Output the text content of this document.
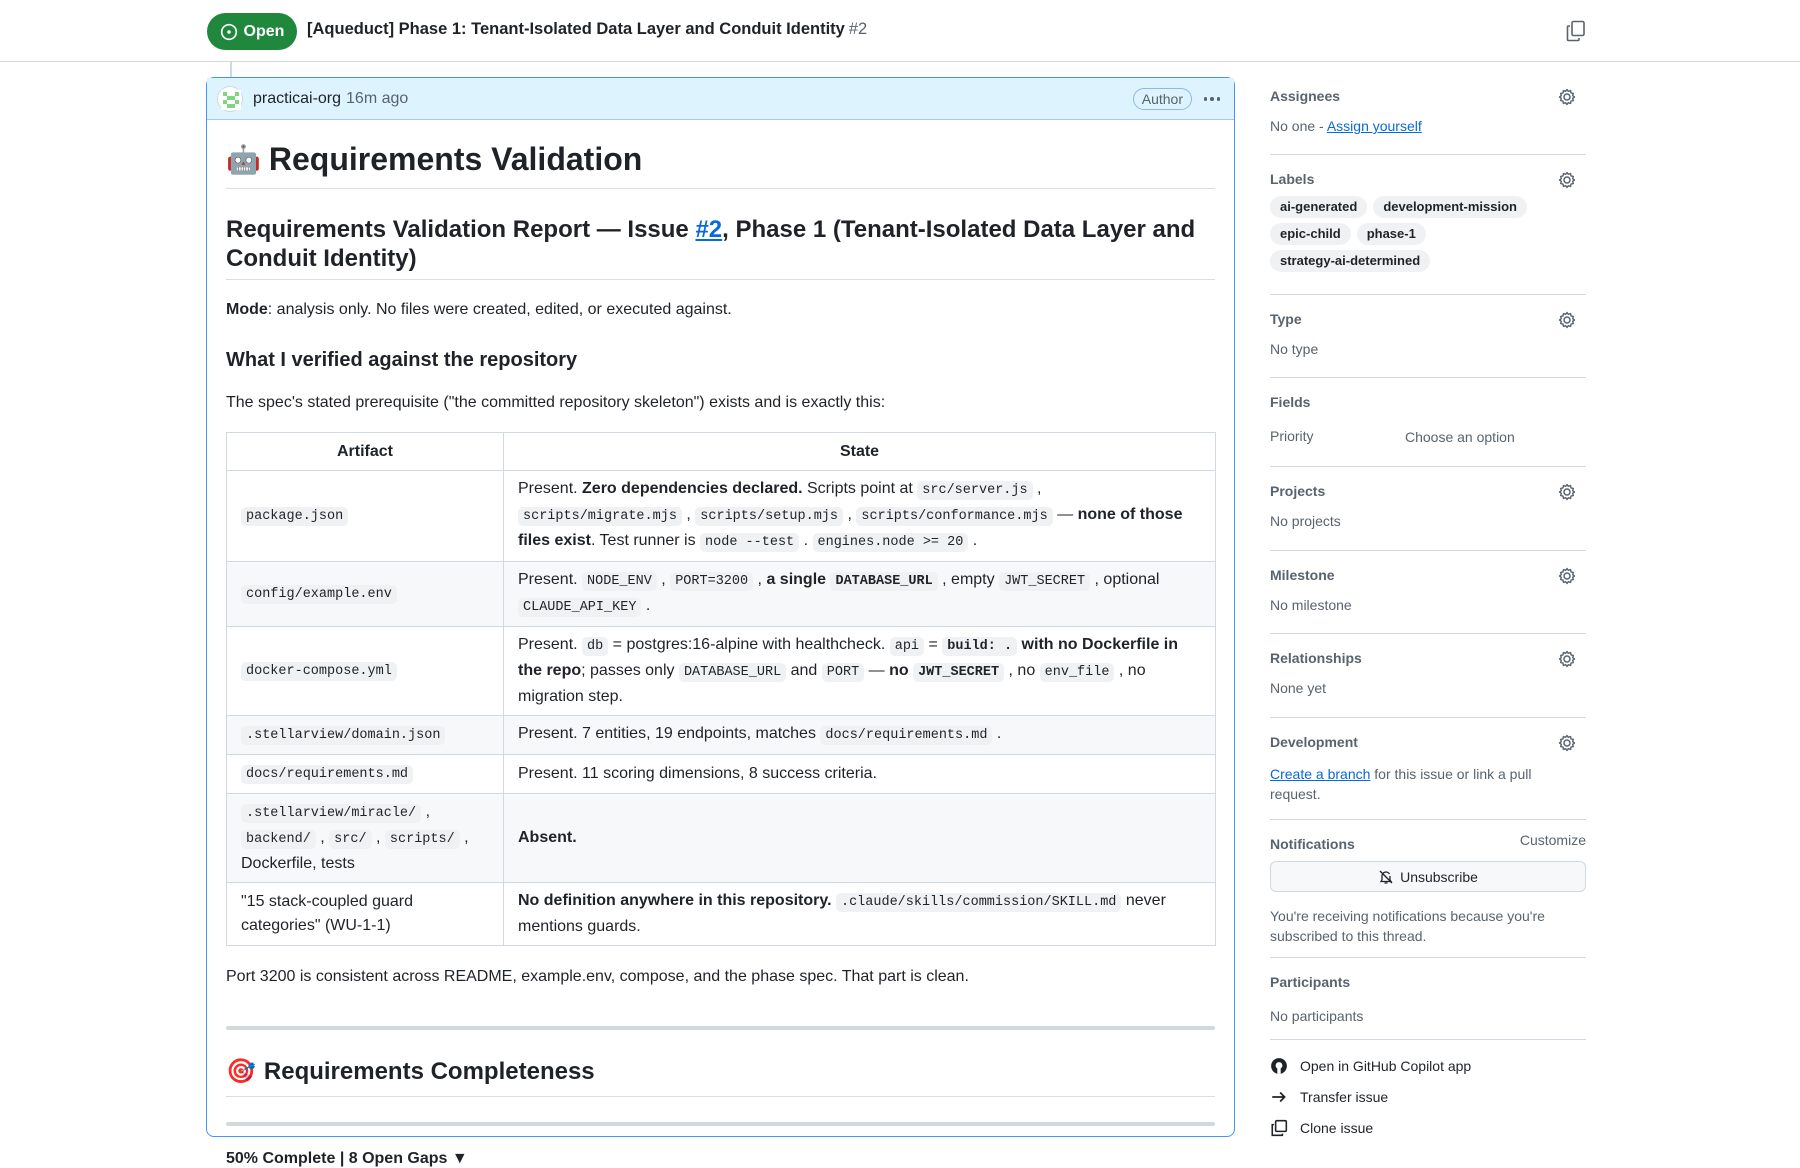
Open [Aqueduct] Phase 1: Tenant-Isolated Data Layer and Conduit Identity #2
practicai-org 16m ago	Author
🤖 Requirements Validation
Requirements Validation Report — Issue #2, Phase 1 (Tenant-Isolated Data Layer and Conduit Identity)
Mode: analysis only. No files were created, edited, or executed against.
What I verified against the repository
The spec's stated prerequisite ("the committed repository skeleton") exists and is exactly this:
Artifact	State
package.json	Present. Zero dependencies declared. Scripts point at src/server.js , scripts/migrate.mjs , scripts/setup.mjs , scripts/conformance.mjs — none of those files exist. Test runner is node --test . engines.node >= 20 .
config/example.env	Present. NODE_ENV , PORT=3200 , a single DATABASE_URL , empty JWT_SECRET , optional CLAUDE_API_KEY .
docker-compose.yml	Present. db = postgres:16-alpine with healthcheck. api = build: . with no Dockerfile in the repo; passes only DATABASE_URL and PORT — no JWT_SECRET , no env_file , no migration step.
.stellarview/domain.json	Present. 7 entities, 19 endpoints, matches docs/requirements.md .
docs/requirements.md	Present. 11 scoring dimensions, 8 success criteria.
.stellarview/miracle/ , backend/ , src/ , scripts/ , Dockerfile, tests	Absent.
"15 stack-coupled guard categories" (WU-1-1)	No definition anywhere in this repository. .claude/skills/commission/SKILL.md never mentions guards.
Port 3200 is consistent across README, example.env, compose, and the phase spec. That part is clean.
🎯 Requirements Completeness
50% Complete | 8 Open Gaps ▼
Assignees
No one - Assign yourself
Labels
ai-generated	development-mission
epic-child	phase-1
strategy-ai-determined
Type
No type
Fields
Priority	Choose an option
Projects
No projects
Milestone
No milestone
Relationships
None yet
Development
Create a branch for this issue or link a pull request.
Notifications	Customize
Unsubscribe
You're receiving notifications because you're subscribed to this thread.
Participants
No participants
Open in GitHub Copilot app
Transfer issue
Clone issue
